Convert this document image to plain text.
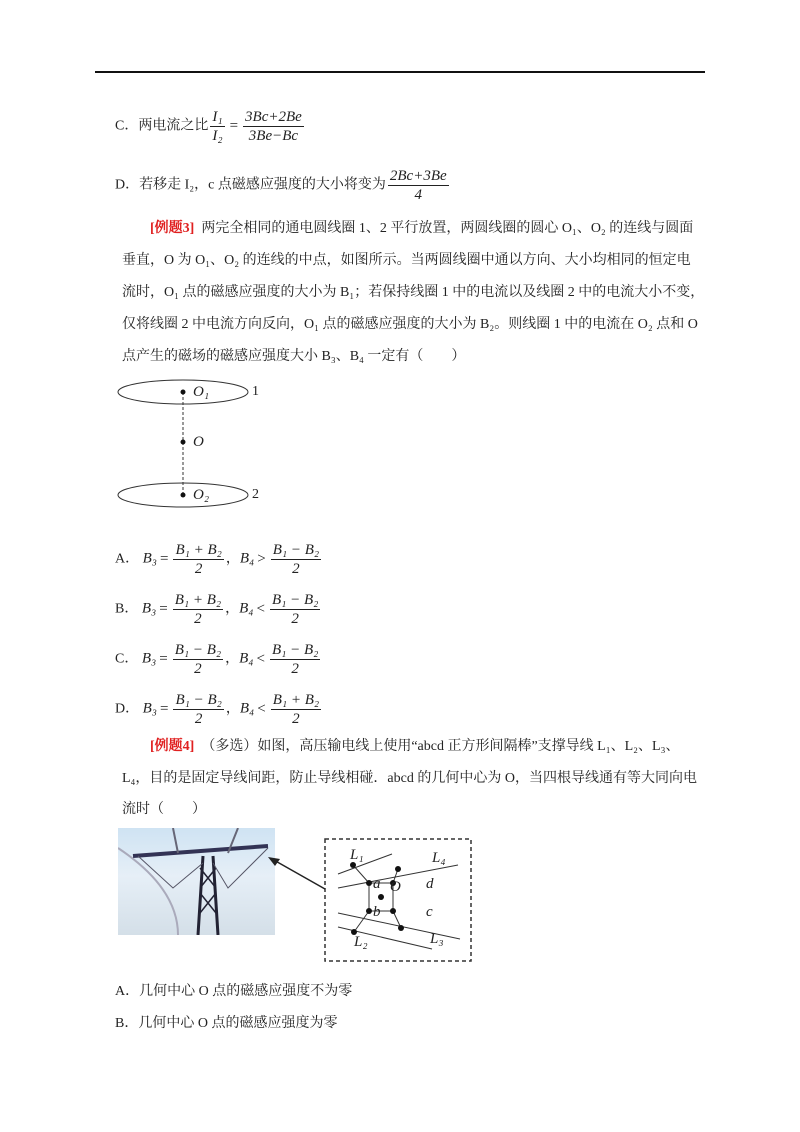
C．两电流之比 $\frac{\text{I₁}}{\text{I₂}} = \frac{3Bc+2Be}{3Be-Bc}$
D．若移走 I₂，c 点磁感应强度的大小将变为 $\frac{2Bc+3Be}{4}$
[例题3] 两完全相同的通电圆线圈 1、2 平行放置，两圆线圈的圆心 O₁、O₂ 的连线与圆面
垂直，O 为 O₁、O₂ 的连线的中点，如图所示。当两圆线圈中通以方向、大小均相同的恒定电
流时，O₁ 点的磁感应强度的大小为 B₁；若保持线圈 1 中的电流以及线圈 2 中的电流大小不变，
仅将线圈 2 中电流方向反向，O₁ 点的磁感应强度的大小为 B₂。则线圈 1 中的电流在 O₂ 点和 O
点产生的磁场的磁感应强度大小 B₃、B₄ 一定有（　　）
O₁	1
O
O₂	2
A． $B_3 = \frac{\text{B₁ + B₂}}{2}$ ，$B_4 > \frac{\text{B₁ − B₂}}{2}$
B． $B_3 = \frac{\text{B₁ + B₂}}{2}$ ，$B_4 < \frac{\text{B₁ − B₂}}{2}$
C． $B_3 = \frac{\text{B₁ − B₂}}{2}$ ，$B_4 < \frac{\text{B₁ − B₂}}{2}$
D． $B_3 = \frac{\text{B₁ − B₂}}{2}$ ，$B_4 < \frac{\text{B₁ + B₂}}{2}$
[例题4] （多选）如图，高压输电线上使用“abcd 正方形间隔棒”支撑导线 L₁、L₂、L₃、
L₄，目的是固定导线间距，防止导线相碰．abcd 的几何中心为 O，当四根导线通有等大同向电
流时（　　）
L₁	L₄
a O d
b	c
L₂	L₃
A．几何中心 O 点的磁感应强度不为零
B．几何中心 O 点的磁感应强度为零
